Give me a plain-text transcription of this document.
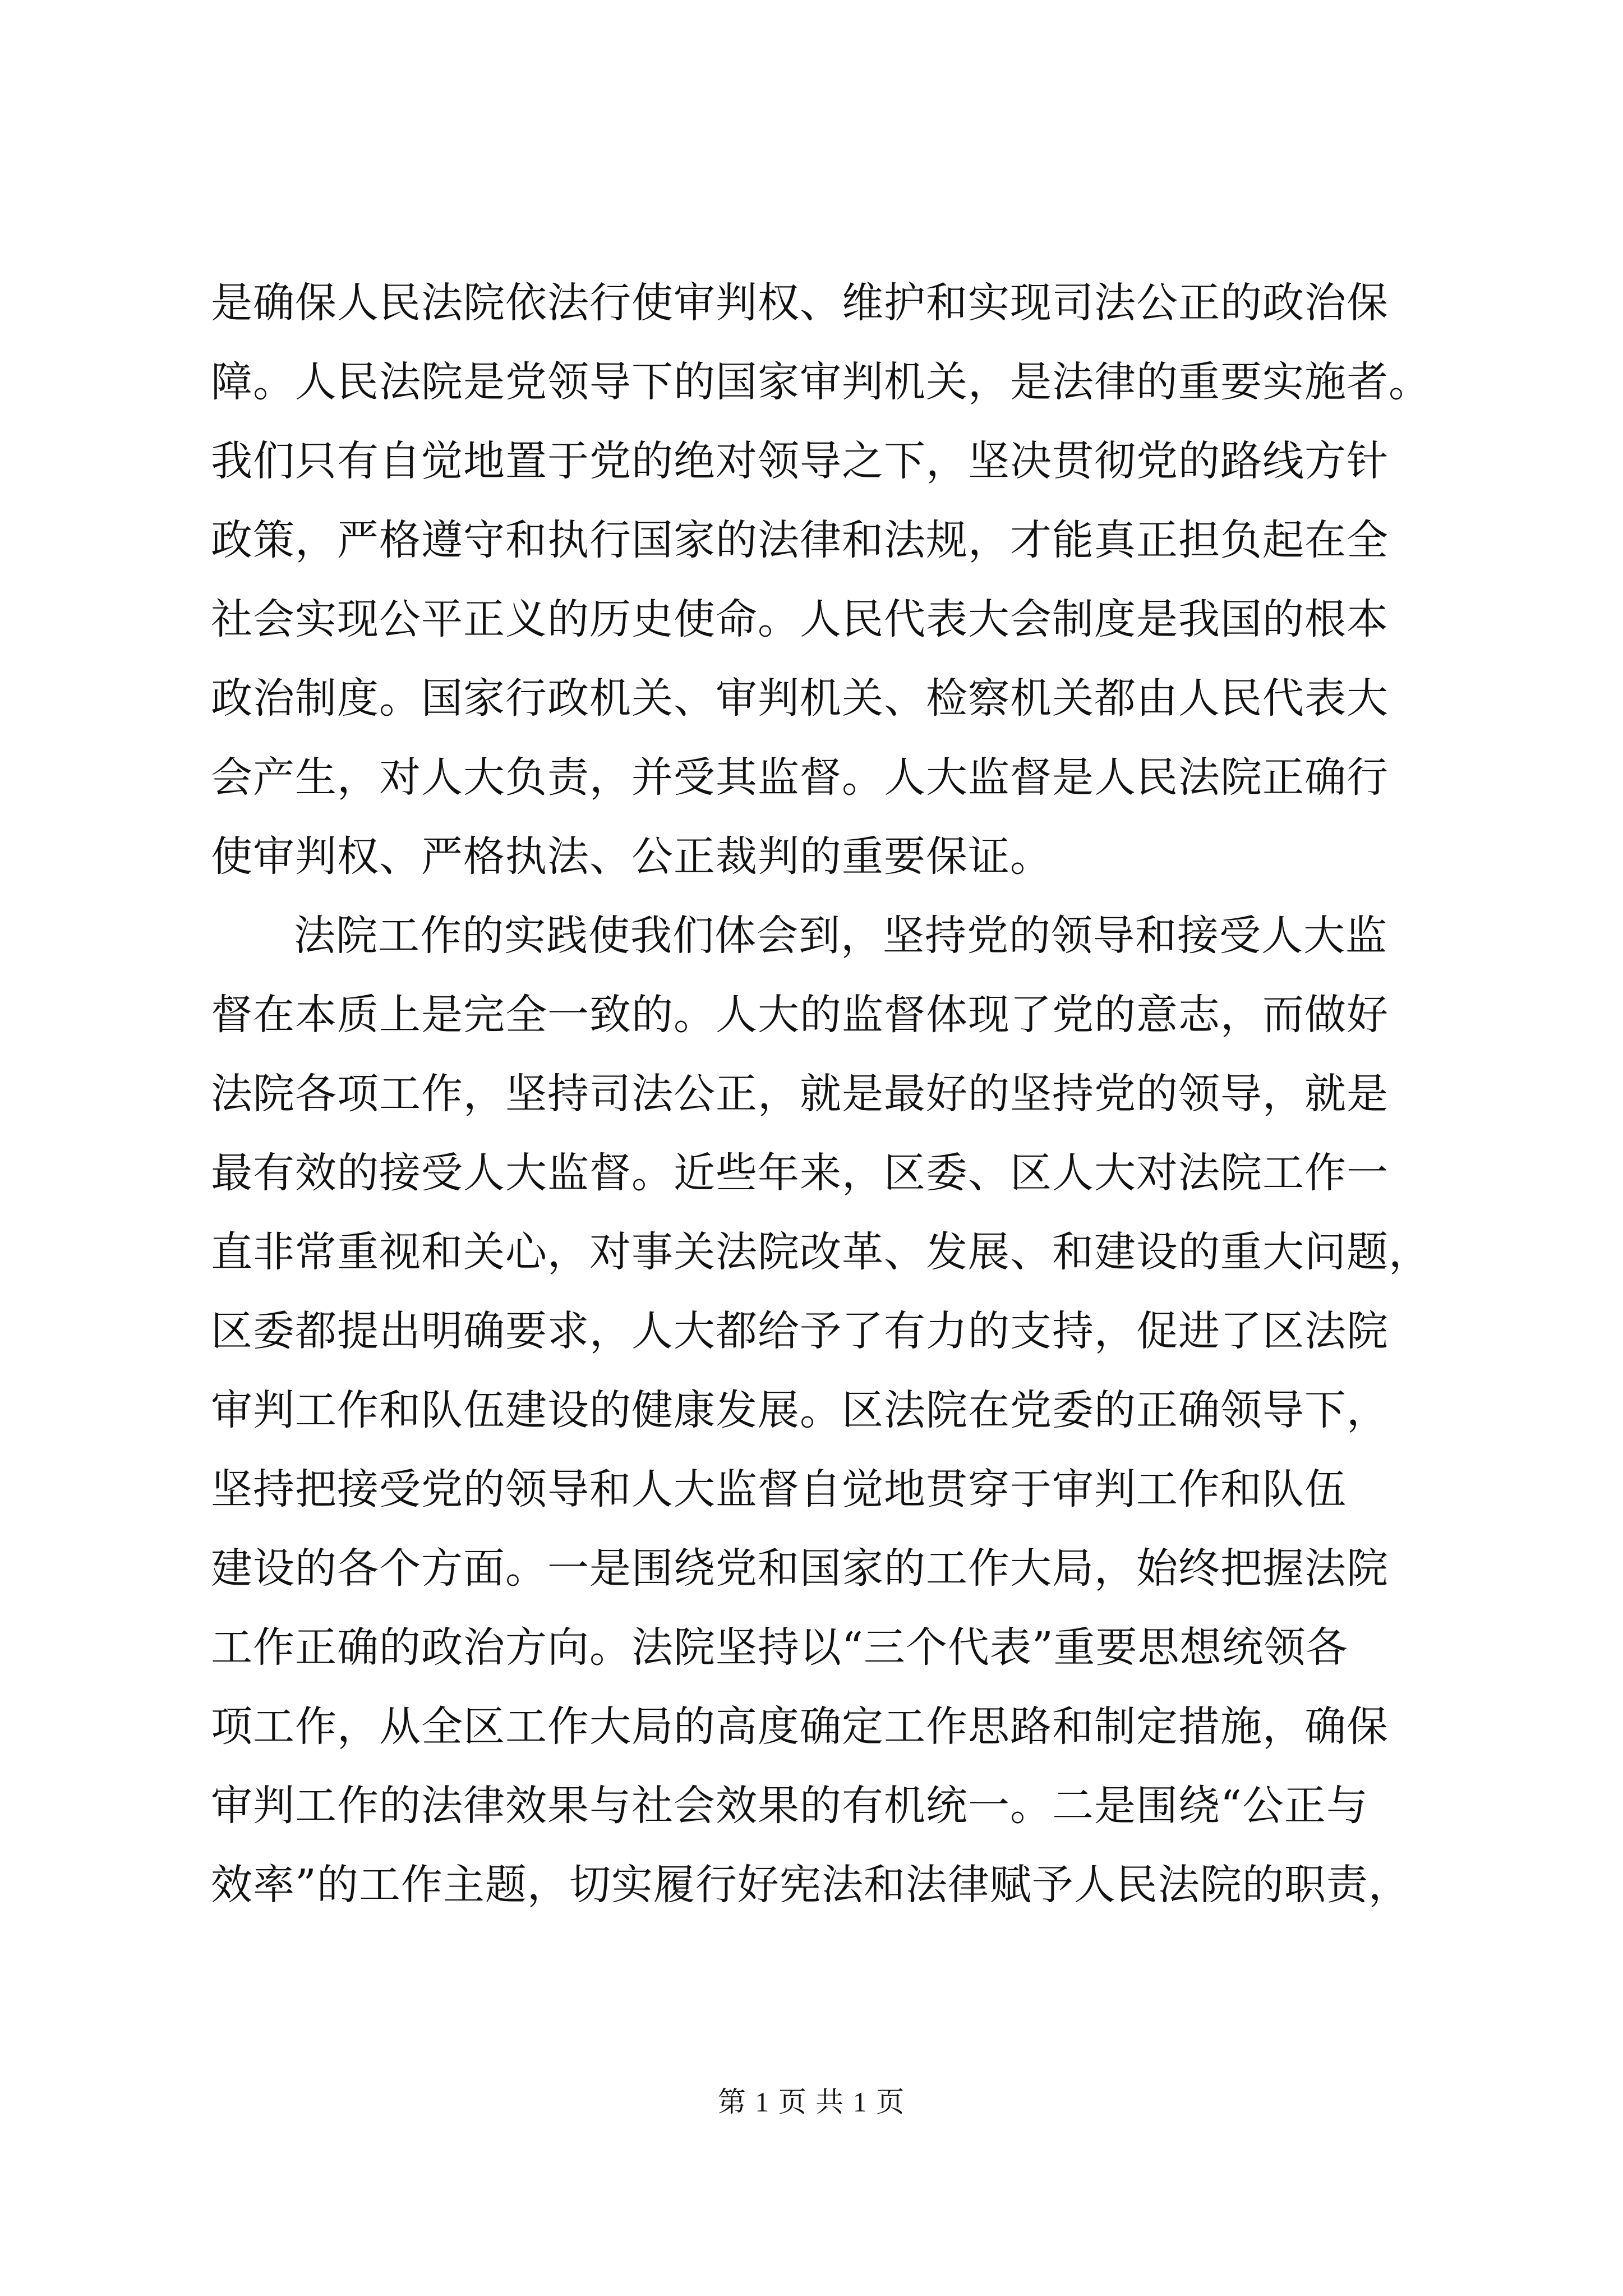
是确保人民法院依法行使审判权、维护和实现司法公正的政治保
障。人民法院是党领导下的国家审判机关，是法律的重要实施者。
我们只有自觉地置于党的绝对领导之下，坚决贯彻党的路线方针
政策，严格遵守和执行国家的法律和法规，才能真正担负起在全
社会实现公平正义的历史使命。人民代表大会制度是我国的根本
政治制度。国家行政机关、审判机关、检察机关都由人民代表大
会产生，对人大负责，并受其监督。人大监督是人民法院正确行
使审判权、严格执法、公正裁判的重要保证。
法院工作的实践使我们体会到，坚持党的领导和接受人大监
督在本质上是完全一致的。人大的监督体现了党的意志，而做好
法院各项工作，坚持司法公正，就是最好的坚持党的领导，就是
最有效的接受人大监督。近些年来，区委、区人大对法院工作一
直非常重视和关心，对事关法院改革、发展、和建设的重大问题，
区委都提出明确要求，人大都给予了有力的支持，促进了区法院
审判工作和队伍建设的健康发展。区法院在党委的正确领导下，
坚持把接受党的领导和人大监督自觉地贯穿于审判工作和队伍
建设的各个方面。一是围绕党和国家的工作大局，始终把握法院
工作正确的政治方向。法院坚持以“三个代表”重要思想统领各
项工作，从全区工作大局的高度确定工作思路和制定措施，确保
审判工作的法律效果与社会效果的有机统一。二是围绕“公正与
效率”的工作主题，切实履行好宪法和法律赋予人民法院的职责，
第 1 页 共 1 页
